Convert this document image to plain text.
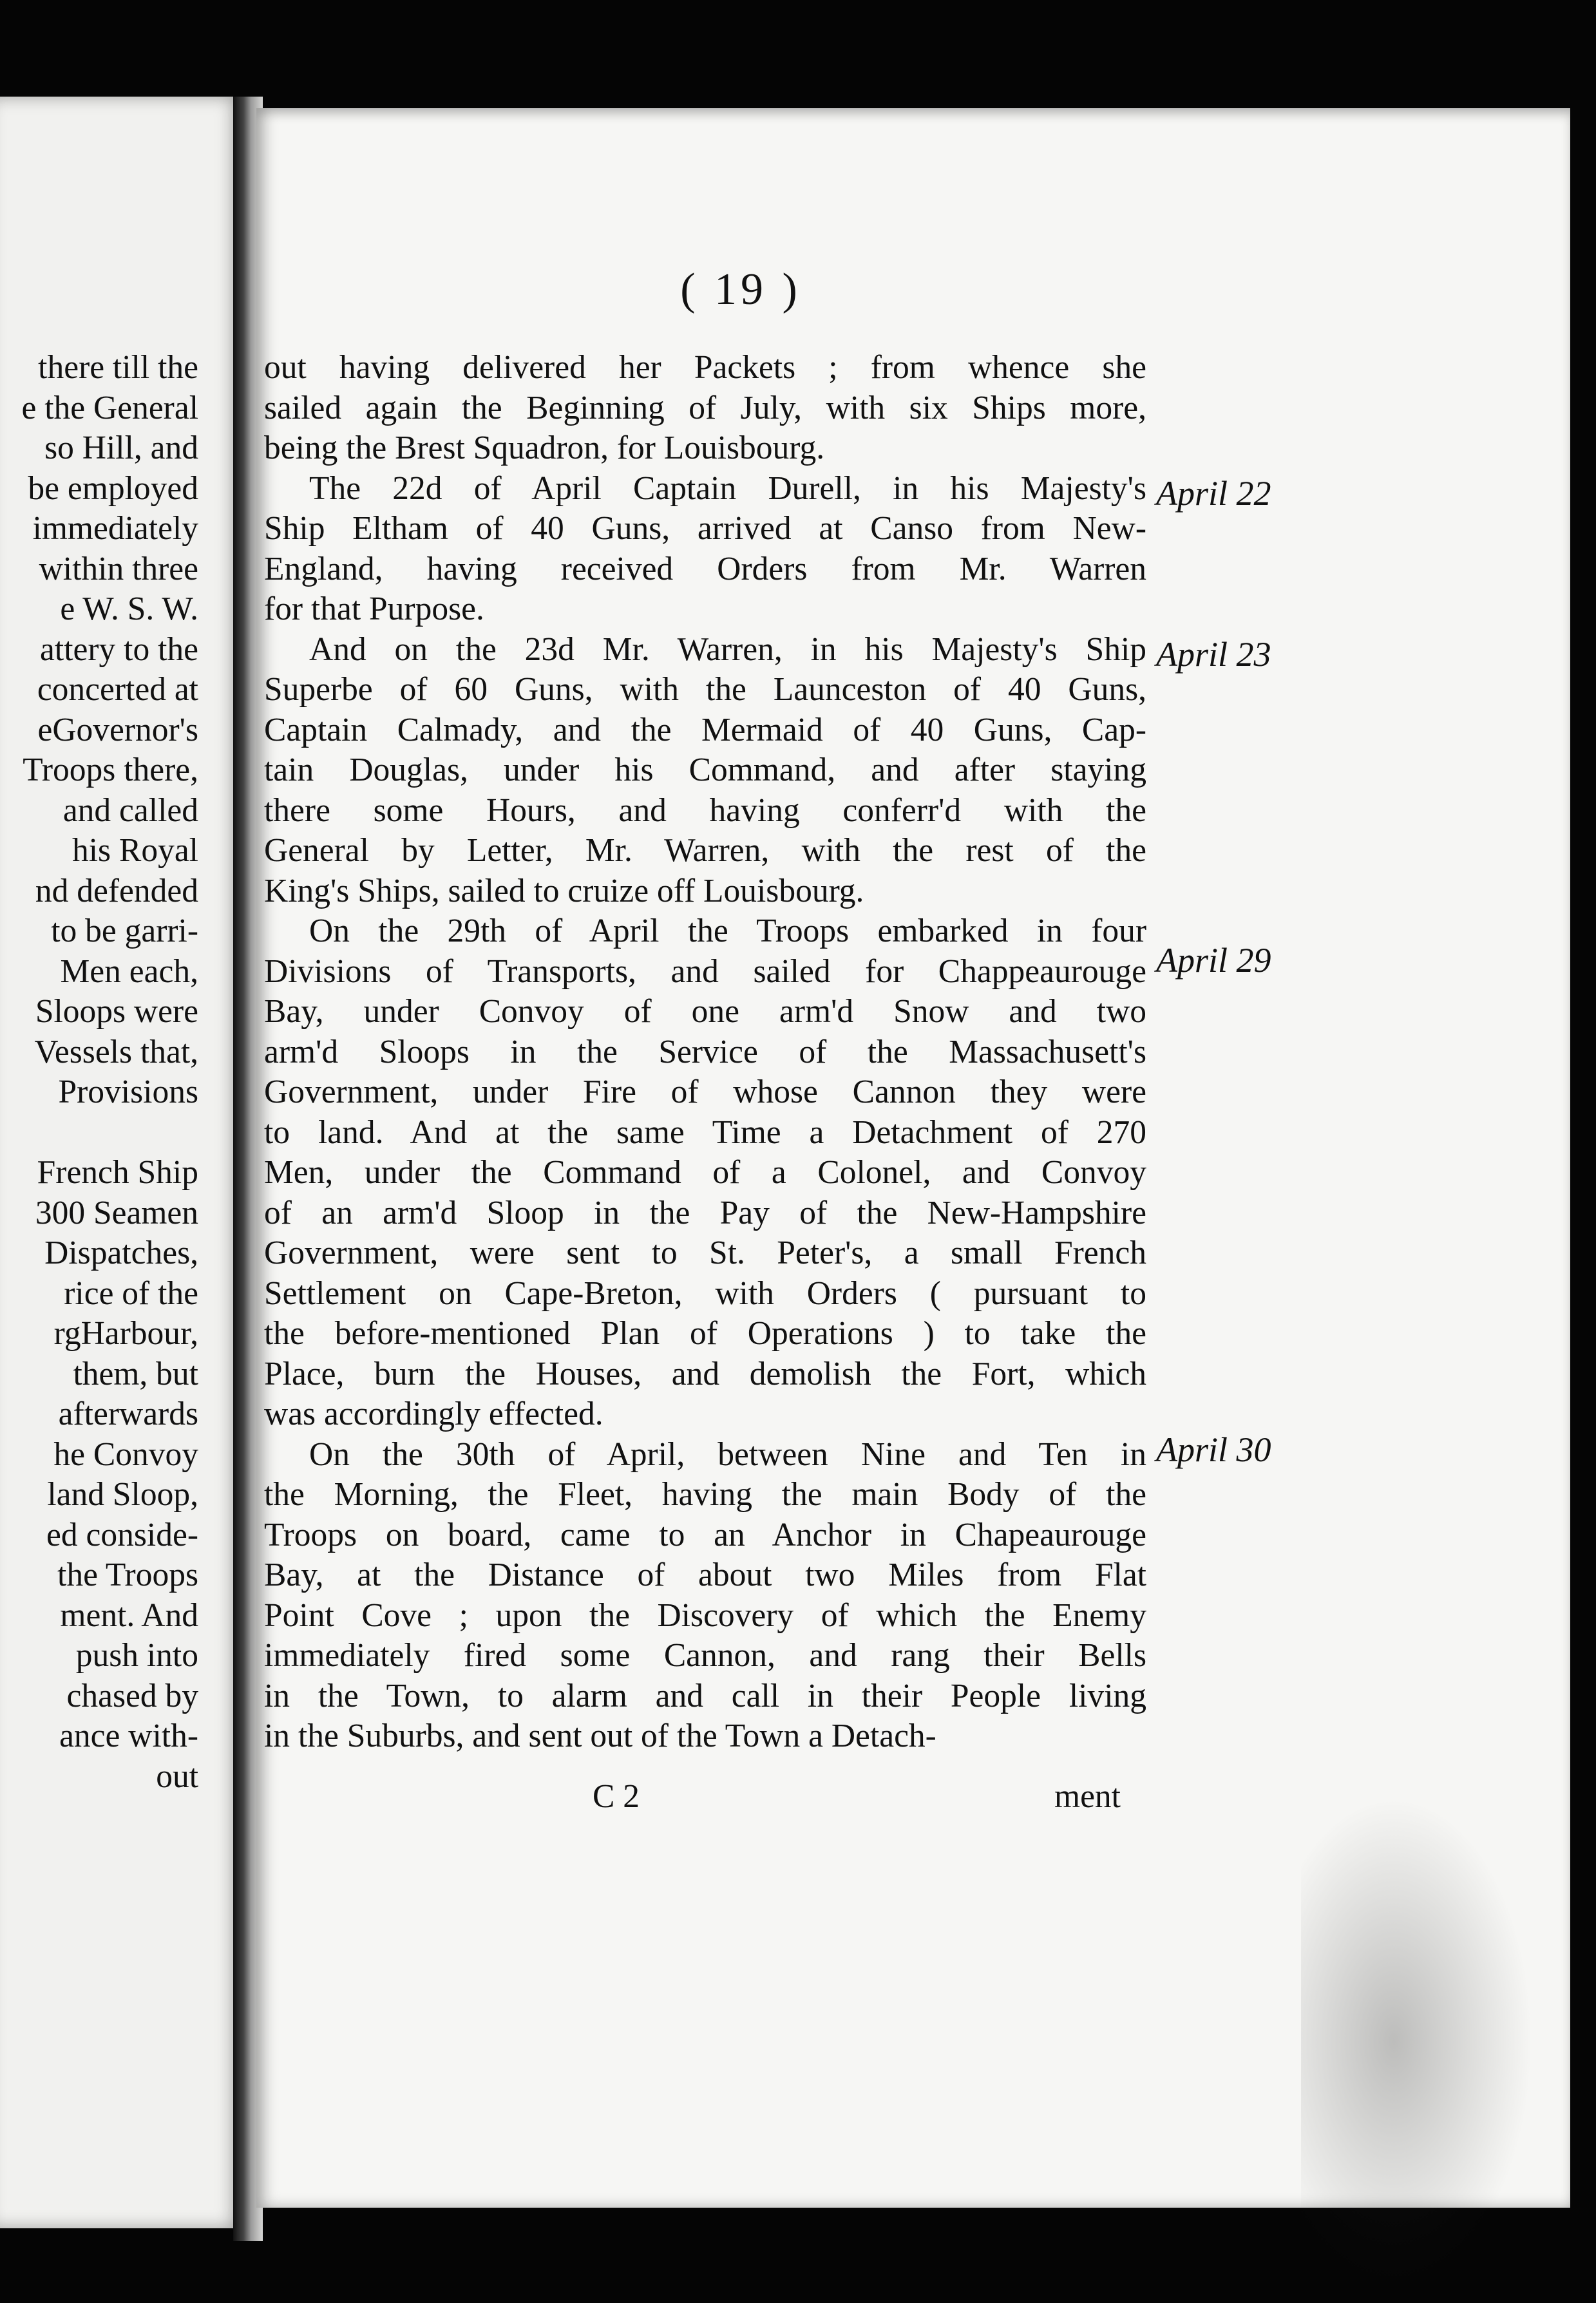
there till the
e the General
so Hill, and
be employed
immediately
within three
e W. S. W.
attery to the
concerted at
eGovernor's
Troops there,
and called
his Royal
nd defended
to be garri-
Men each,
Sloops were
Vessels that,
Provisions
French Ship
300 Seamen
Dispatches,
rice of the
rgHarbour,
them, but
afterwards
he Convoy
land Sloop,
ed conside-
the Troops
ment. And
push into
chased by
ance with-
out
( 19 )
out having delivered her Packets ; from whence she
sailed again the Beginning of July, with six Ships more,
being the Brest Squadron, for Louisbourg.
The 22d of April Captain Durell, in his Majesty's
Ship Eltham of 40 Guns, arrived at Canso from New-
England, having received Orders from Mr. Warren
for that Purpose.
And on the 23d Mr. Warren, in his Majesty's Ship
Superbe of 60 Guns, with the Launceston of 40 Guns,
Captain Calmady, and the Mermaid of 40 Guns, Cap-
tain Douglas, under his Command, and after staying
there some Hours, and having conferr'd with the
General by Letter, Mr. Warren, with the rest of the
King's Ships, sailed to cruize off Louisbourg.
On the 29th of April the Troops embarked in four
Divisions of Transports, and sailed for Chappeaurouge
Bay, under Convoy of one arm'd Snow and two
arm'd Sloops in the Service of the Massachusett's
Government, under Fire of whose Cannon they were
to land. And at the same Time a Detachment of 270
Men, under the Command of a Colonel, and Convoy
of an arm'd Sloop in the Pay of the New-Hampshire
Government, were sent to St. Peter's, a small French
Settlement on Cape-Breton, with Orders ( pursuant to
the before-mentioned Plan of Operations ) to take the
Place, burn the Houses, and demolish the Fort, which
was accordingly effected.
On the 30th of April, between Nine and Ten in
the Morning, the Fleet, having the main Body of the
Troops on board, came to an Anchor in Chapeaurouge
Bay, at the Distance of about two Miles from Flat
Point Cove ; upon the Discovery of which the Enemy
immediately fired some Cannon, and rang their Bells
in the Town, to alarm and call in their People living
in the Suburbs, and sent out of the Town a Detach-
April 22
April 23
April 29
April 30
C 2	ment
